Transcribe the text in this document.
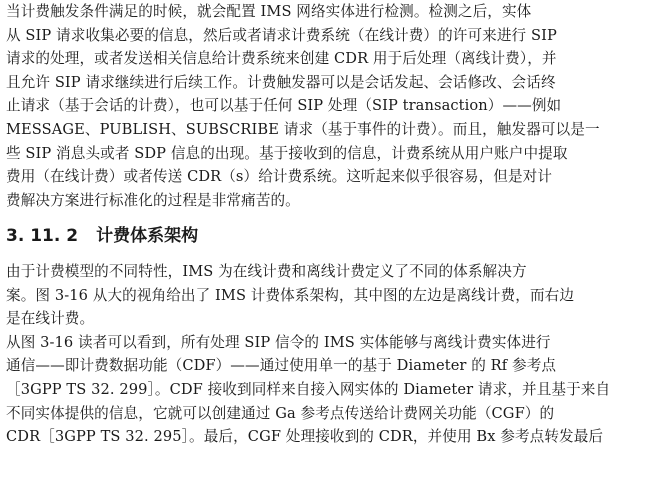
当计费触发条件满足的时候，就会配置 IMS 网络实体进行检测。检测之后，实体

从 SIP 请求收集必要的信息，然后或者请求计费系统（在线计费）的许可来进行 SIP

请求的处理，或者发送相关信息给计费系统来创建 CDR 用于后处理（离线计费），并

且允许 SIP 请求继续进行后续工作。计费触发器可以是会话发起、会话修改、会话终

止请求（基于会话的计费），也可以基于任何 SIP 处理（SIP transaction）——例如

MESSAGE、PUBLISH、SUBSCRIBE 请求（基于事件的计费）。而且，触发器可以是一

些 SIP 消息头或者 SDP 信息的出现。基于接收到的信息，计费系统从用户账户中提取

费用（在线计费）或者传送 CDR（s）给计费系统。这听起来似乎很容易，但是对计

费解决方案进行标准化的过程是非常痛苦的。

3. 11. 2 计费体系架构

由于计费模型的不同特性，IMS 为在线计费和离线计费定义了不同的体系解决方

案。图 3-16 从大的视角给出了 IMS 计费体系架构，其中图的左边是离线计费，而右边

是在线计费。

从图 3-16 读者可以看到，所有处理 SIP 信令的 IMS 实体能够与离线计费实体进行

通信——即计费数据功能（CDF）——通过使用单一的基于 Diameter 的 Rf 参考点

［3GPP TS 32. 299］。CDF 接收到同样来自接入网实体的 Diameter 请求，并且基于来自

不同实体提供的信息，它就可以创建通过 Ga 参考点传送给计费网关功能（CGF）的

CDR［3GPP TS 32. 295］。最后，CGF 处理接收到的 CDR，并使用 Bx 参考点转发最后
